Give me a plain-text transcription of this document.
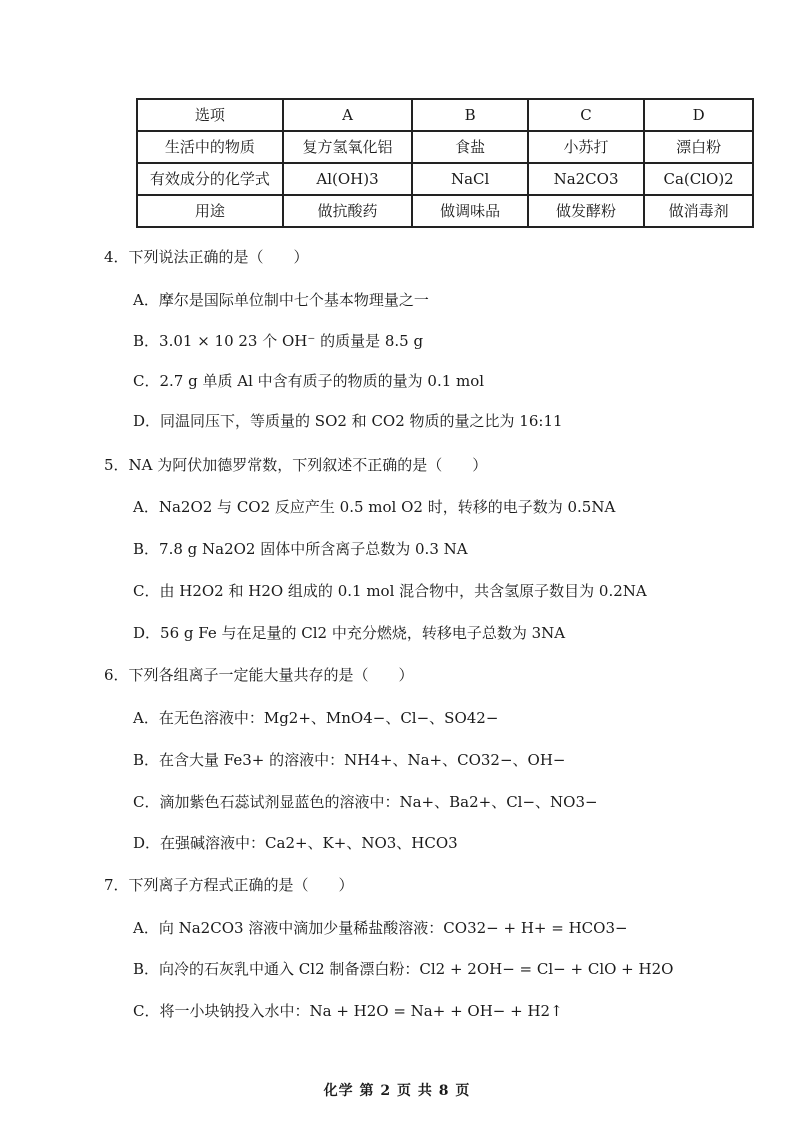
选项	A	B	C	D
生活中的物质	复方氢氧化铝	食盐	小苏打	漂白粉
有效成分的化学式	Al(OH)3	NaCl	Na2CO3	Ca(ClO)2
用途	做抗酸药	做调味品	做发酵粉	做消毒剂
4．下列说法正确的是（　　）
A．摩尔是国际单位制中七个基本物理量之一
B．3.01 × 10 23 个 OH⁻ 的质量是 8.5 g
C．2.7 g 单质 Al 中含有质子的物质的量为 0.1 mol
D．同温同压下，等质量的 SO2 和 CO2 物质的量之比为 16:11
5．NA 为阿伏加德罗常数，下列叙述不正确的是（　　）
A．Na2O2 与 CO2 反应产生 0.5 mol O2 时，转移的电子数为 0.5NA
B．7.8 g Na2O2 固体中所含离子总数为 0.3 NA
C．由 H2O2 和 H2O 组成的 0.1 mol 混合物中，共含氢原子数目为 0.2NA
D．56 g Fe 与在足量的 Cl2 中充分燃烧，转移电子总数为 3NA
6．下列各组离子一定能大量共存的是（　　）
A．在无色溶液中：Mg2+、MnO4−、Cl−、SO42−
B．在含大量 Fe3+ 的溶液中：NH4+、Na+、CO32−、OH−
C．滴加紫色石蕊试剂显蓝色的溶液中：Na+、Ba2+、Cl−、NO3−
D．在强碱溶液中：Ca2+、K+、NO3、HCO3
7．下列离子方程式正确的是（　　）
A．向 Na2CO3 溶液中滴加少量稀盐酸溶液：CO32− + H+ = HCO3−
B．向冷的石灰乳中通入 Cl2 制备漂白粉：Cl2 + 2OH− = Cl− + ClO + H2O
C．将一小块钠投入水中：Na + H2O = Na+ + OH− + H2↑
化学 第 2 页 共 8 页
